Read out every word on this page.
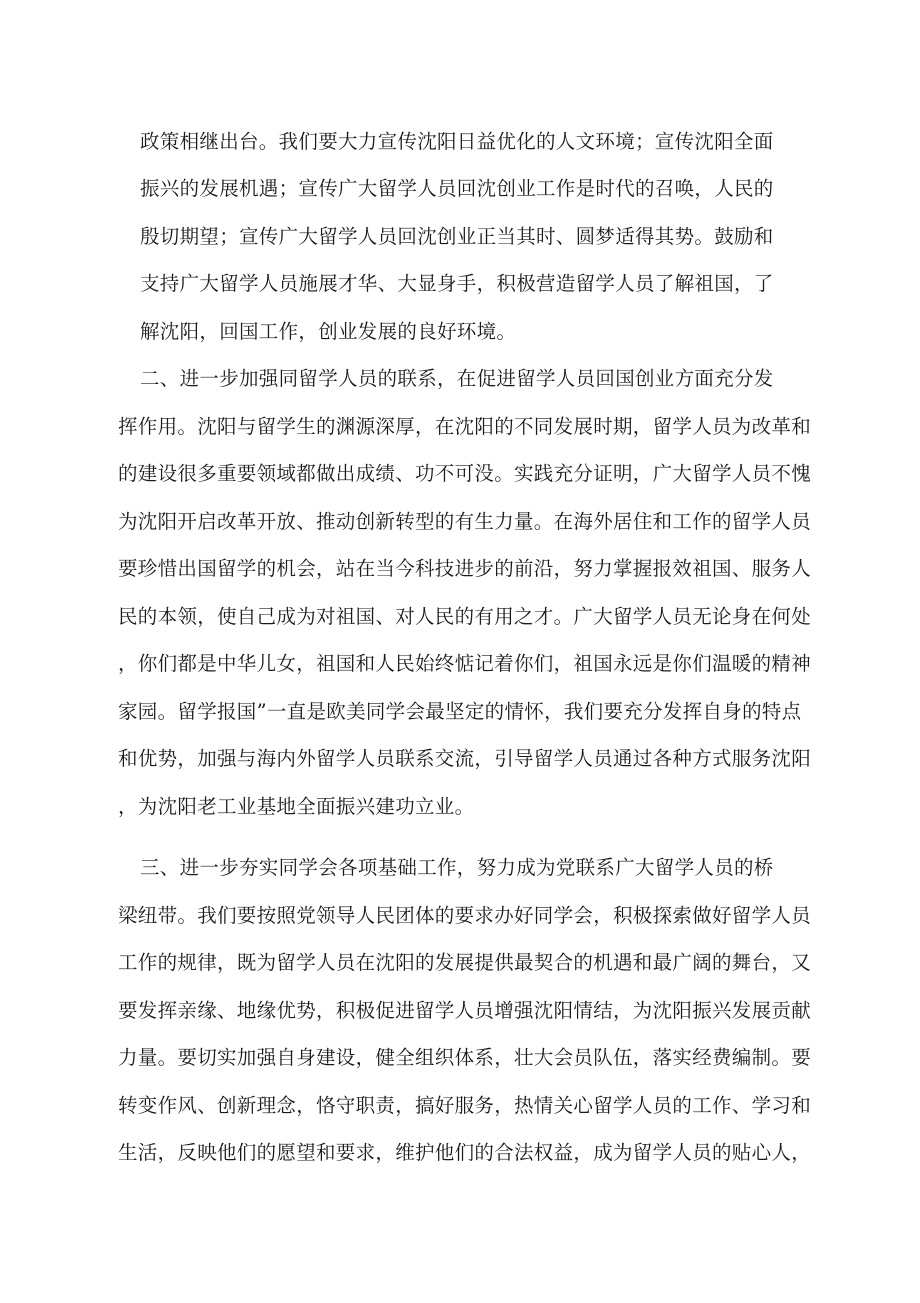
政策相继出台。我们要大力宣传沈阳日益优化的人文环境；宣传沈阳全面
振兴的发展机遇；宣传广大留学人员回沈创业工作是时代的召唤，人民的
殷切期望；宣传广大留学人员回沈创业正当其时、圆梦适得其势。鼓励和
支持广大留学人员施展才华、大显身手，积极营造留学人员了解祖国，了
解沈阳，回国工作，创业发展的良好环境。
二、进一步加强同留学人员的联系，在促进留学人员回国创业方面充分发
挥作用。沈阳与留学生的渊源深厚，在沈阳的不同发展时期，留学人员为改革和
的建设很多重要领域都做出成绩、功不可没。实践充分证明，广大留学人员不愧
为沈阳开启改革开放、推动创新转型的有生力量。在海外居住和工作的留学人员
要珍惜出国留学的机会，站在当今科技进步的前沿，努力掌握报效祖国、服务人
民的本领，使自己成为对祖国、对人民的有用之才。广大留学人员无论身在何处
，你们都是中华儿女，祖国和人民始终惦记着你们，祖国永远是你们温暖的精神
家园。留学报国”一直是欧美同学会最坚定的情怀，我们要充分发挥自身的特点
和优势，加强与海内外留学人员联系交流，引导留学人员通过各种方式服务沈阳
，为沈阳老工业基地全面振兴建功立业。
三、进一步夯实同学会各项基础工作，努力成为党联系广大留学人员的桥
梁纽带。我们要按照党领导人民团体的要求办好同学会，积极探索做好留学人员
工作的规律，既为留学人员在沈阳的发展提供最契合的机遇和最广阔的舞台，又
要发挥亲缘、地缘优势，积极促进留学人员增强沈阳情结，为沈阳振兴发展贡献
力量。要切实加强自身建设，健全组织体系，壮大会员队伍，落实经费编制。要
转变作风、创新理念，恪守职责，搞好服务，热情关心留学人员的工作、学习和
生活，反映他们的愿望和要求，维护他们的合法权益，成为留学人员的贴心人，
